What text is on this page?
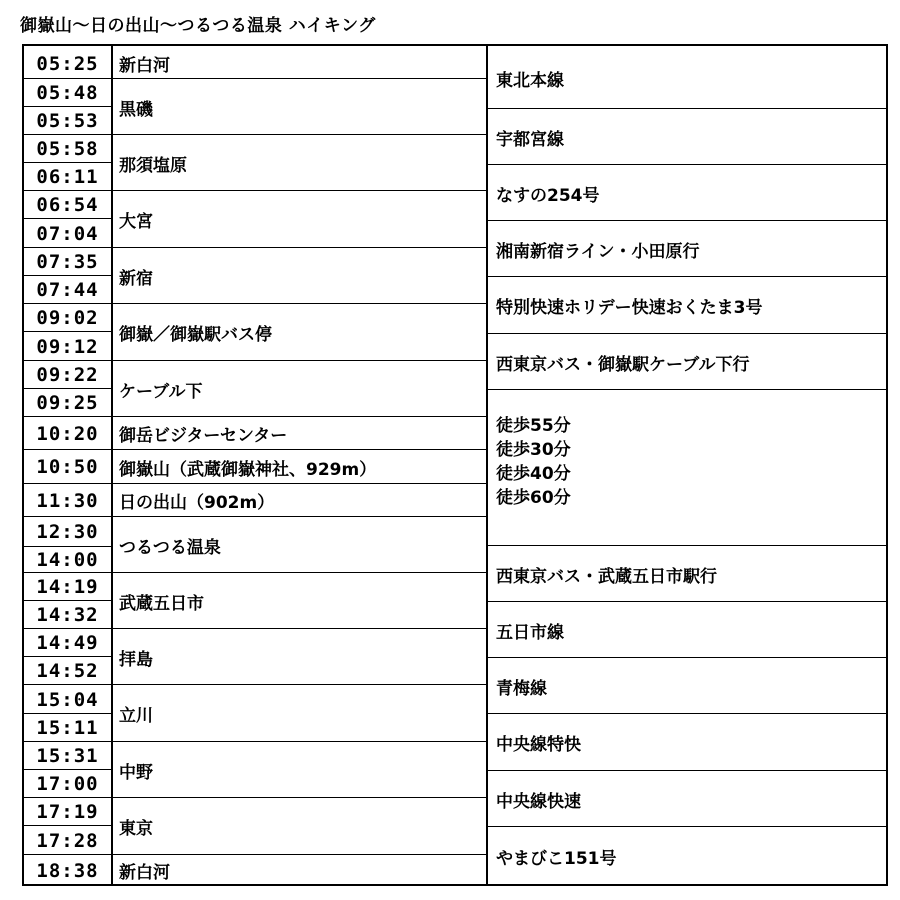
御嶽山〜日の出山〜つるつる温泉 ハイキング
05:25
05:48
05:53
05:58
06:11
06:54
07:04
07:35
07:44
09:02
09:12
09:22
09:25
10:20
10:50
11:30
12:30
14:00
14:19
14:32
14:49
14:52
15:04
15:11
15:31
17:00
17:19
17:28
18:38
新白河
黒磯
那須塩原
大宮
新宿
御嶽／御嶽駅バス停
ケーブル下
御岳ビジターセンター
御嶽山（武蔵御嶽神社、929m）
日の出山（902m）
つるつる温泉
武蔵五日市
拝島
立川
中野
東京
新白河
東北本線
宇都宮線
なすの254号
湘南新宿ライン・小田原行
特別快速ホリデー快速おくたま3号
西東京バス・御嶽駅ケーブル下行
徒歩55分
徒歩30分
徒歩40分
徒歩60分
西東京バス・武蔵五日市駅行
五日市線
青梅線
中央線特快
中央線快速
やまびこ151号
